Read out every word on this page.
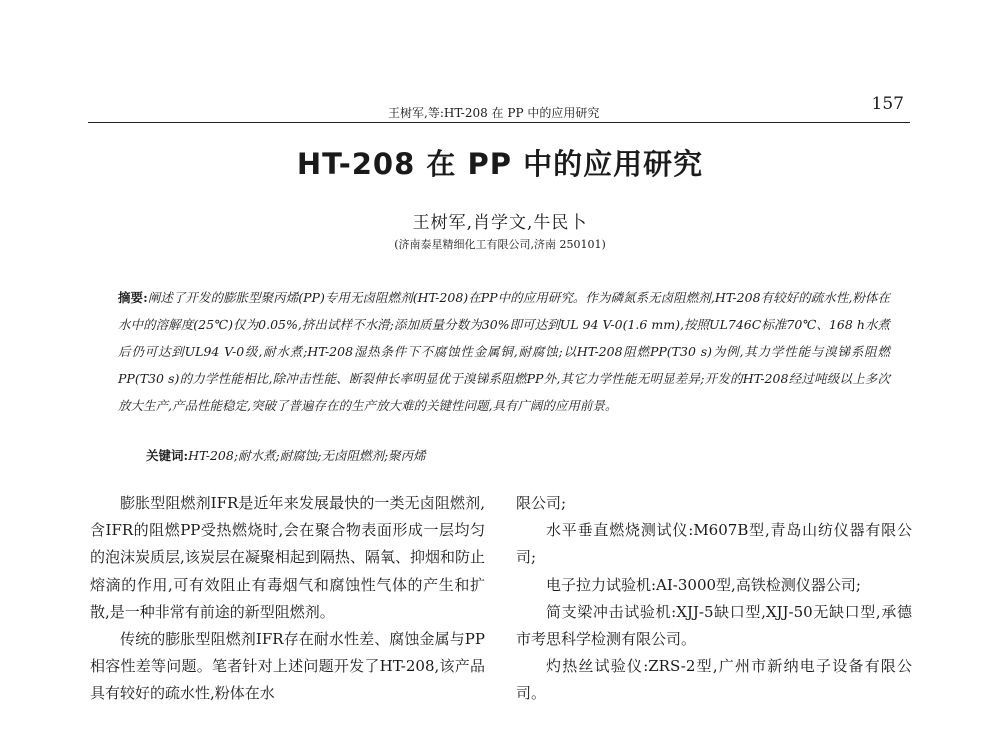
王树军,等:HT-208 在 PP 中的应用研究	157
HT-208 在 PP 中的应用研究
王树军,肖学文,牛民卜
(济南泰星精细化工有限公司,济南 250101)
摘要:阐述了开发的膨胀型聚丙烯(PP)专用无卤阻燃剂(HT-208)在PP中的应用研究。作为磷氮系无卤阻燃剂,HT-208有较好的疏水性,粉体在水中的溶解度(25℃)仅为0.05%,挤出试样不水滑;添加质量分数为30%即可达到UL 94 V-0(1.6 mm),按照UL746C标准70℃、168 h水煮后仍可达到UL94 V-0级,耐水煮;HT-208湿热条件下不腐蚀性金属铜,耐腐蚀;以HT-208阻燃PP(T30 s)为例,其力学性能与溴锑系阻燃PP(T30 s)的力学性能相比,除冲击性能、断裂伸长率明显优于溴锑系阻燃PP外,其它力学性能无明显差异;开发的HT-208经过吨级以上多次放大生产,产品性能稳定,突破了普遍存在的生产放大难的关键性问题,具有广阔的应用前景。
关键词:HT-208;耐水煮;耐腐蚀;无卤阻燃剂;聚丙烯

膨胀型阻燃剂IFR是近年来发展最快的一类无卤阻燃剂,含IFR的阻燃PP受热燃烧时,会在聚合物表面形成一层均匀的泡沫炭质层,该炭层在凝聚相起到隔热、隔氧、抑烟和防止熔滴的作用,可有效阻止有毒烟气和腐蚀性气体的产生和扩散,是一种非常有前途的新型阻燃剂。

传统的膨胀型阻燃剂IFR存在耐水性差、腐蚀金属与PP相容性差等问题。笔者针对上述问题开发了HT-208,该产品具有较好的疏水性,粉体在水

限公司;

水平垂直燃烧测试仪:M607B型,青岛山纺仪器有限公司;

电子拉力试验机:AI-3000型,高铁检测仪器公司;

简支梁冲击试验机:XJJ-5缺口型,XJJ-50无缺口型,承德市考思科学检测有限公司。

灼热丝试验仪:ZRS-2型,广州市新纳电子设备有限公司。
